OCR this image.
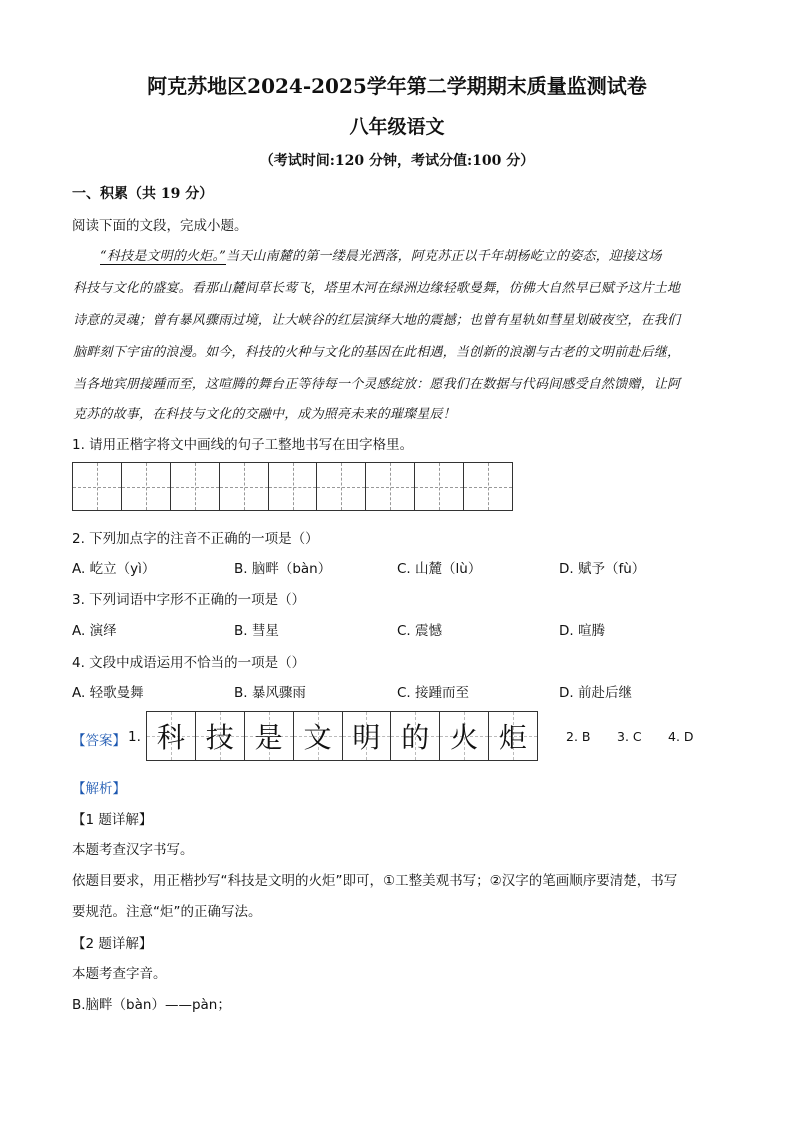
阿克苏地区2024-2025学年第二学期期末质量监测试卷
八年级语文
（考试时间:120 分钟，考试分值:100 分）
一、积累（共 19 分）
阅读下面的文段，完成小题。
“科技是文明的火炬。”当天山南麓的第一缕晨光洒落，阿克苏正以千年胡杨屹立的姿态，迎接这场
科技与文化的盛宴。看那山麓间草长莺飞，塔里木河在绿洲边缘轻歌曼舞，仿佛大自然早已赋予这片土地
诗意的灵魂；曾有暴风骤雨过境，让大峡谷的红层演绎大地的震撼；也曾有星轨如彗星划破夜空，在我们
脑畔刻下宇宙的浪漫。如今，科技的火种与文化的基因在此相遇，当创新的浪潮与古老的文明前赴后继，
当各地宾朋接踵而至，这喧腾的舞台正等待每一个灵感绽放：愿我们在数据与代码间感受自然馈赠，让阿
克苏的故事，在科技与文化的交融中，成为照亮未来的璀璨星辰！
1. 请用正楷字将文中画线的句子工整地书写在田字格里。
2. 下列加点字的注音不正确的一项是（）
A. 屹立（yì）	B. 脑畔（bàn）	C. 山麓（lù）	D. 赋予（fù）
3. 下列词语中字形不正确的一项是（）
A. 演绎	B. 彗星	C. 震憾	D. 喧腾
4. 文段中成语运用不恰当的一项是（）
A. 轻歌曼舞	B. 暴风骤雨	C. 接踵而至	D. 前赴后继
【答案】 1. 科 技 是 文 明 的 火 炬	2. B 3. C 4. D
【解析】
【1 题详解】
本题考查汉字书写。
依题目要求，用正楷抄写“科技是文明的火炬”即可，①工整美观书写；②汉字的笔画顺序要清楚，书写
要规范。注意“炬”的正确写法。
【2 题详解】
本题考查字音。
B.脑畔（bàn）——pàn；
